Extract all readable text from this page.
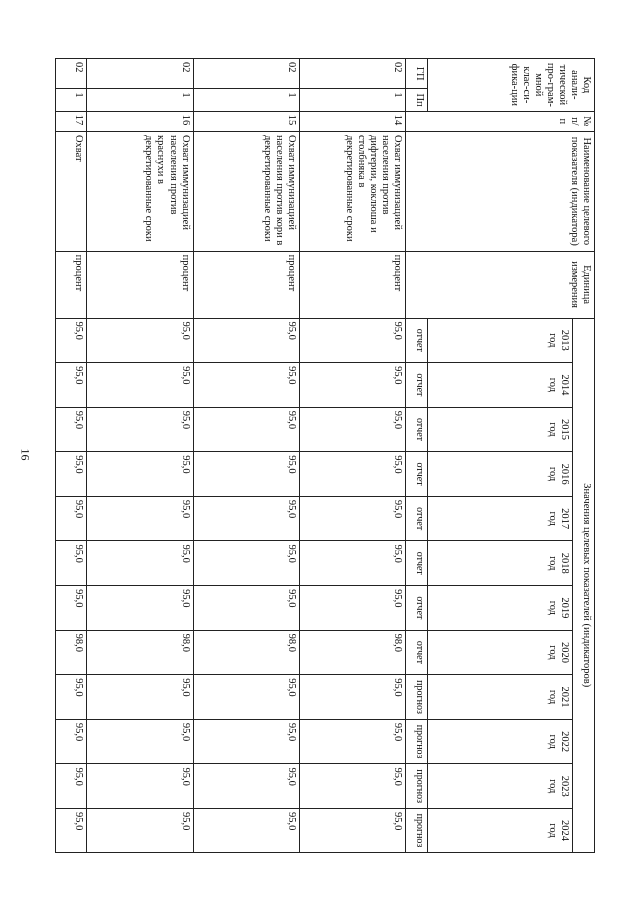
16
Код анали-тической про-грам-мной клас-си-фика-ции		№ п/п	Наименование целевого показателя (индикатора)	Единица измерения	Значения целевых показателей (индикаторов)											
					2013 год	2014 год	2015 год	2016 год	2017 год	2018 год	2019 год	2020 год	2021 год	2022 год	2023 год	2024 год
ГП	Пп				отчет	отчет	отчет	отчет	отчет	отчет	отчет	отчет	прогноз	прогноз	прогноз	прогноз
02	1	14	Охват иммунизацией населения против дифтерии, коклюша и столбняка в декретированные сроки	процент	95,0	95,0	95,0	95,0	95,0	95,0	95,0	98,0	95,0	95,0	95,0	95,0
02	1	15	Охват иммунизацией населения против кори в декретированные сроки	процент	95,0	95,0	95,0	95,0	95,0	95,0	95,0	98,0	95,0	95,0	95,0	95,0
02	1	16	Охват иммунизацией населения против краснухи в декретированные сроки	процент	95,0	95,0	95,0	95,0	95,0	95,0	95,0	98,0	95,0	95,0	95,0	95,0
02	1	17	Охват	процент	95,0	95,0	95,0	95,0	95,0	95,0	95,0	98,0	95,0	95,0	95,0	95,0
